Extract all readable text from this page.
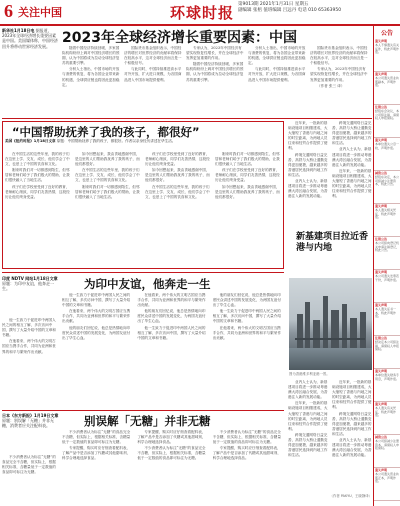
6 关注中国	环球时报 第9013期 2021年1月31日 星期五
副编辑 张梧 值班编辑 吕远丹 电话 010 65363950
新华社1月18日电 据报道，2023年全球经济增长重要因素是中国。美国媒体称，中国经济回升将带动世界经济发展。
2023年全球经济增长重要因素：中国

随着中国经济持续回暖，多家国际机构纷纷上调对中国经济增长的预期，认为中国将成为拉动全球经济复苏的重要引擎。

分析人士指出，中国市场的开放与消费的恢复，将为各国企业带来新的机遇，全球供应链也将因此更加稳定。

国际货币基金组织表示，中国经济的增长对世界经济的贡献率将保持在较高水平，这对全球经济而言是一个积极信号。

与此同时，中国持续推进高水平对外开放，扩大进口规模，为各国商品进入中国市场提供便利。

专家认为，2023年中国经济有望实现恢复性增长，并在全球经济中发挥更加重要的作用。

随着中国经济持续回暖，多家国际机构纷纷上调对中国经济增长的预期，认为中国将成为拉动全球经济复苏的重要引擎。

分析人士指出，中国市场的开放与消费的恢复，将为各国企业带来新的机遇，全球供应链也将因此更加稳定。

与此同时，中国持续推进高水平对外开放，扩大进口规模，为各国商品进入中国市场提供便利。

国际货币基金组织表示，中国经济的增长对世界经济的贡献率将保持在较高水平，这对全球经济而言是一个积极信号。

专家认为，2023年中国经济有望实现恢复性增长，并在全球经济中发挥更加重要的作用。

（作者 张三 译）

“中国帮助抚养了我的孩子，都很好”
美国《纽约时报》1月18日文章 原题：中国帮助抚养了我的孩子，都很好。作者以亲身经历讲述在华生活。

在中国生活的这些年里，我的孩子们在这里上学、交友、成长，他们学会了中文，也爱上了中国的饮食和文化。

刚来时我们对一切都感到陌生，但邻居和老师们给予了我们极大的帮助，让我们很快融入了当地生活。

孩子们在学校里受到了良好的教育，老师耐心细致，同学们友善热情，这段经历让他们终身受益。

如今回想起来，我由衷地感谢中国，是这里的人们帮助我抚养了我的孩子，而他们都很好。

在中国生活的这些年里，我的孩子们在这里上学、交友、成长，他们学会了中文，也爱上了中国的饮食和文化。

刚来时我们对一切都感到陌生，但邻居和老师们给予了我们极大的帮助，让我们很快融入了当地生活。

孩子们在学校里受到了良好的教育，老师耐心细致，同学们友善热情，这段经历让他们终身受益。

如今回想起来，我由衷地感谢中国，是这里的人们帮助我抚养了我的孩子，而他们都很好。

在中国生活的这些年里，我的孩子们在这里上学、交友、成长，他们学会了中文，也爱上了中国的饮食和文化。

刚来时我们对一切都感到陌生，但邻居和老师们给予了我们极大的帮助，让我们很快融入了当地生活。

孩子们在学校里受到了良好的教育，老师耐心细致，同学们友善热情，这段经历让他们终身受益。

如今回想起来，我由衷地感谢中国，是这里的人们帮助我抚养了我的孩子，而他们都很好。

近年来，一批新的基础设施项目相继建成，大大缩短了香港与内地之间的时空距离，为两地人员往来和经贸合作提供了便利。

跨境交通网络日益完善，高铁与大桥让通勤变得更加便捷，越来越多的香港居民选择到内地工作和生活。

业内人士认为，新基建项目将进一步推动粤港澳大湾区融合发展，为香港注入新的发展动能。

跨境交通网络日益完善，高铁与大桥让通勤变得更加便捷，越来越多的香港居民选择到内地工作和生活。

业内人士认为，新基建项目将进一步推动粤港澳大湾区融合发展，为香港注入新的发展动能。

近年来，一批新的基础设施项目相继建成，大大缩短了香港与内地之间的时空距离，为两地人员往来和经贸合作提供了便利。

新基建项目拉近香港与内地
图为香港维多利亚港一景。

业内人士认为，新基建项目将进一步推动粤港澳大湾区融合发展，为香港注入新的发展动能。

近年来，一批新的基础设施项目相继建成，大大缩短了香港与内地之间的时空距离，为两地人员往来和经贸合作提供了便利。

跨境交通网络日益完善，高铁与大桥让通勤变得更加便捷，越来越多的香港居民选择到内地工作和生活。

近年来，一批新的基础设施项目相继建成，大大缩短了香港与内地之间的时空距离，为两地人员往来和经贸合作提供了便利。

跨境交通网络日益完善，高铁与大桥让通勤变得更加便捷，越来越多的香港居民选择到内地工作和生活。

业内人士认为，新基建项目将进一步推动粤港澳大湾区融合发展，为香港注入新的发展动能。

（作者 PAKYU、王晓静译）
印度 NDTV 网站1月18日文章 原题：为印中友谊，他奔走一生。	为印中友谊，他奔走一生

他一生致力于促进印中两国人民之间的相互了解，多次访问中国，撰写了大量介绍中国的文章和书籍。

在他看来，两个伟大的文明古国应当携手合作，共同为亚洲和世界的和平与繁荣作出贡献。

他的朋友们回忆说，他总是热情地向印度民众讲述中国的发展变化，为两国友谊付出了毕生心血。

在他看来，两个伟大的文明古国应当携手合作，共同为亚洲和世界的和平与繁荣作出贡献。

他的朋友们回忆说，他总是热情地向印度民众讲述中国的发展变化，为两国友谊付出了毕生心血。

他一生致力于促进印中两国人民之间的相互了解，多次访问中国，撰写了大量介绍中国的文章和书籍。

他的朋友们回忆说，他总是热情地向印度民众讲述中国的发展变化，为两国友谊付出了毕生心血。

他一生致力于促进印中两国人民之间的相互了解，多次访问中国，撰写了大量介绍中国的文章和书籍。

在他看来，两个伟大的文明古国应当携手合作，共同为亚洲和世界的和平与繁荣作出贡献。

他一生致力于促进印中两国人民之间的相互了解，多次访问中国，撰写了大量介绍中国的文章和书籍。

在他看来，两个伟大的文明古国应当携手合作，共同为亚洲和世界的和平与繁荣作出贡献。

日本《东方新报》1月19日文章 原题：别误解「无糖」并非无糖，消费者应关注配料表。	别误解「无糖」并非无糖

不少消费者认为标注“无糖”的食品完全不含糖，但实际上，根据相关标准，含糖量低于一定数值的食品即可标注为无糖。

专家提醒，购买时应仔细查看配料表，了解产品中是否添加了代糖或其他甜味剂，科学合理地选择食品。

专家提醒，购买时应仔细查看配料表，了解产品中是否添加了代糖或其他甜味剂，科学合理地选择食品。

不少消费者认为标注“无糖”的食品完全不含糖，但实际上，根据相关标准，含糖量低于一定数值的食品即可标注为无糖。

不少消费者认为标注“无糖”的食品完全不含糖，但实际上，根据相关标准，含糖量低于一定数值的食品即可标注为无糖。

专家提醒，购买时应仔细查看配料表，了解产品中是否添加了代糖或其他甜味剂，科学合理地选择食品。

不少消费者认为标注“无糖”的食品完全不含糖，但实际上，根据相关标准，含糖量低于一定数值的食品即可标注为无糖。

公告
遗失声明
本人不慎遗失有关证件，特此声明作废。
遗失声明
本公司遗失营业执照副本，声明作废。
注销公告
经股东会决议，本公司拟注销，请债权人申报债权。
遗失声明
本单位遗失公章一枚，声明作废。
减资公告
经股东决定，本公司拟减少注册资本，特此公告。
遗失声明
本人遗失相关凭证，特此声明作废。
注销公告
本公司拟向登记机关申请注销登记，特此公告。
遗失声明
本公司遗失发票若干份，声明作废。
遗失声明
本人遗失证书一本，特此声明作废。
注销公告
经决定本公司拟注销，请债权人申报债权。
遗失声明
本单位遗失财务专用章，声明作废。
遗失声明
本人遗失有关凭证，特此声明作废。
减资公告
本公司拟减少注册资本，请债权人申报债权。
遗失声明
本公司遗失营业执照正本，声明作废。
